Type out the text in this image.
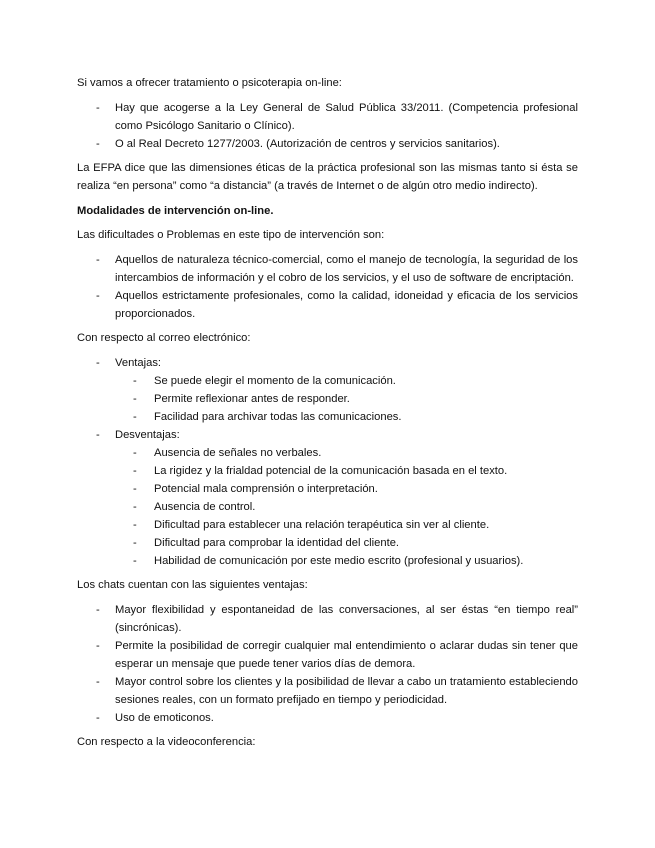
Si vamos a ofrecer tratamiento o psicoterapia on-line:

- Hay que acogerse a la Ley General de Salud Pública 33/2011. (Competencia profesional como Psicólogo Sanitario o Clínico).
- O al Real Decreto 1277/2003. (Autorización de centros y servicios sanitarios).

La EFPA dice que las dimensiones éticas de la práctica profesional son las mismas tanto si ésta se realiza “en persona” como “a distancia” (a través de Internet o de algún otro medio indirecto).

Modalidades de intervención on-line.

Las dificultades o Problemas en este tipo de intervención son:

- Aquellos de naturaleza técnico-comercial, como el manejo de tecnología, la seguridad de los intercambios de información y el cobro de los servicios, y el uso de software de encriptación.
- Aquellos estrictamente profesionales, como la calidad, idoneidad y eficacia de los servicios proporcionados.

Con respecto al correo electrónico:

- Ventajas:
- Se puede elegir el momento de la comunicación.
- Permite reflexionar antes de responder.
- Facilidad para archivar todas las comunicaciones.
- Desventajas:
- Ausencia de señales no verbales.
- La rigidez y la frialdad potencial de la comunicación basada en el texto.
- Potencial mala comprensión o interpretación.
- Ausencia de control.
- Dificultad para establecer una relación terapéutica sin ver al cliente.
- Dificultad para comprobar la identidad del cliente.
- Habilidad de comunicación por este medio escrito (profesional y usuarios).

Los chats cuentan con las siguientes ventajas:

- Mayor flexibilidad y espontaneidad de las conversaciones, al ser éstas “en tiempo real” (sincrónicas).
- Permite la posibilidad de corregir cualquier mal entendimiento o aclarar dudas sin tener que esperar un mensaje que puede tener varios días de demora.
- Mayor control sobre los clientes y la posibilidad de llevar a cabo un tratamiento estableciendo sesiones reales, con un formato prefijado en tiempo y periodicidad.
- Uso de emoticonos.

Con respecto a la videoconferencia:
